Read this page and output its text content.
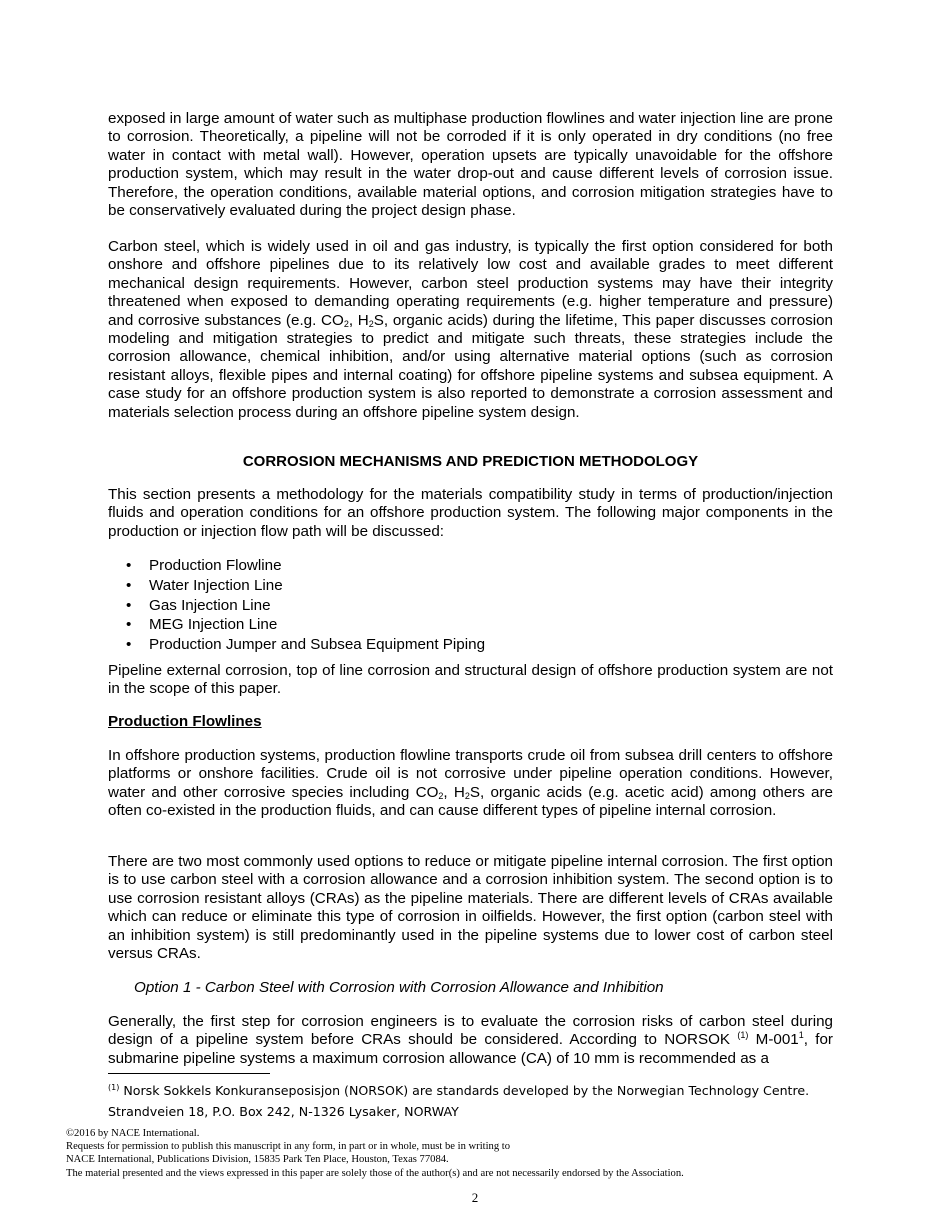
exposed in large amount of water such as multiphase production flowlines and water injection line are prone to corrosion. Theoretically, a pipeline will not be corroded if it is only operated in dry conditions (no free water in contact with metal wall). However, operation upsets are typically unavoidable for the offshore production system, which may result in the water drop-out and cause different levels of corrosion issue. Therefore, the operation conditions, available material options, and corrosion mitigation strategies have to be conservatively evaluated during the project design phase.

Carbon steel, which is widely used in oil and gas industry, is typically the first option considered for both onshore and offshore pipelines due to its relatively low cost and available grades to meet different mechanical design requirements. However, carbon steel production systems may have their integrity threatened when exposed to demanding operating requirements (e.g. higher temperature and pressure) and corrosive substances (e.g. $CO_2$, $H_2S$, organic acids) during the lifetime, This paper discusses corrosion modeling and mitigation strategies to predict and mitigate such threats, these strategies include the corrosion allowance, chemical inhibition, and/or using alternative material options (such as corrosion resistant alloys, flexible pipes and internal coating) for offshore pipeline systems and subsea equipment. A case study for an offshore production system is also reported to demonstrate a corrosion assessment and materials selection process during an offshore pipeline system design.

CORROSION MECHANISMS AND PREDICTION METHODOLOGY

This section presents a methodology for the materials compatibility study in terms of production/injection fluids and operation conditions for an offshore production system. The following major components in the production or injection flow path will be discussed:

• Production Flowline
• Water Injection Line
• Gas Injection Line
• MEG Injection Line
• Production Jumper and Subsea Equipment Piping

Pipeline external corrosion, top of line corrosion and structural design of offshore production system are not in the scope of this paper.

Production Flowlines

In offshore production systems, production flowline transports crude oil from subsea drill centers to offshore platforms or onshore facilities. Crude oil is not corrosive under pipeline operation conditions. However, water and other corrosive species including $CO_2$, $H_2S$, organic acids (e.g. acetic acid) among others are often co-existed in the production fluids, and can cause different types of pipeline internal corrosion.

There are two most commonly used options to reduce or mitigate pipeline internal corrosion. The first option is to use carbon steel with a corrosion allowance and a corrosion inhibition system. The second option is to use corrosion resistant alloys (CRAs) as the pipeline materials. There are different levels of CRAs available which can reduce or eliminate this type of corrosion in oilfields. However, the first option (carbon steel with an inhibition system) is still predominantly used in the pipeline systems due to lower cost of carbon steel versus CRAs.

Option 1 - Carbon Steel with Corrosion with Corrosion Allowance and Inhibition

Generally, the first step for corrosion engineers is to evaluate the corrosion risks of carbon steel during design of a pipeline system before CRAs should be considered. According to NORSOK $^{(1)}$ $M-001^1$, for submarine pipeline systems a maximum corrosion allowance (CA) of 10 mm is recommended as a

$^{(1)}$ Norsk Sokkels Konkuranseposisjon (NORSOK) are standards developed by the Norwegian Technology Centre.
Strandveien 18, P.O. Box 242, N-1326 Lysaker, NORWAY

©2016 by NACE International.
Requests for permission to publish this manuscript in any form, in part or in whole, must be in writing to
NACE International, Publications Division, 15835 Park Ten Place, Houston, Texas 77084.
The material presented and the views expressed in this paper are solely those of the author(s) and are not necessarily endorsed by the Association.

2
